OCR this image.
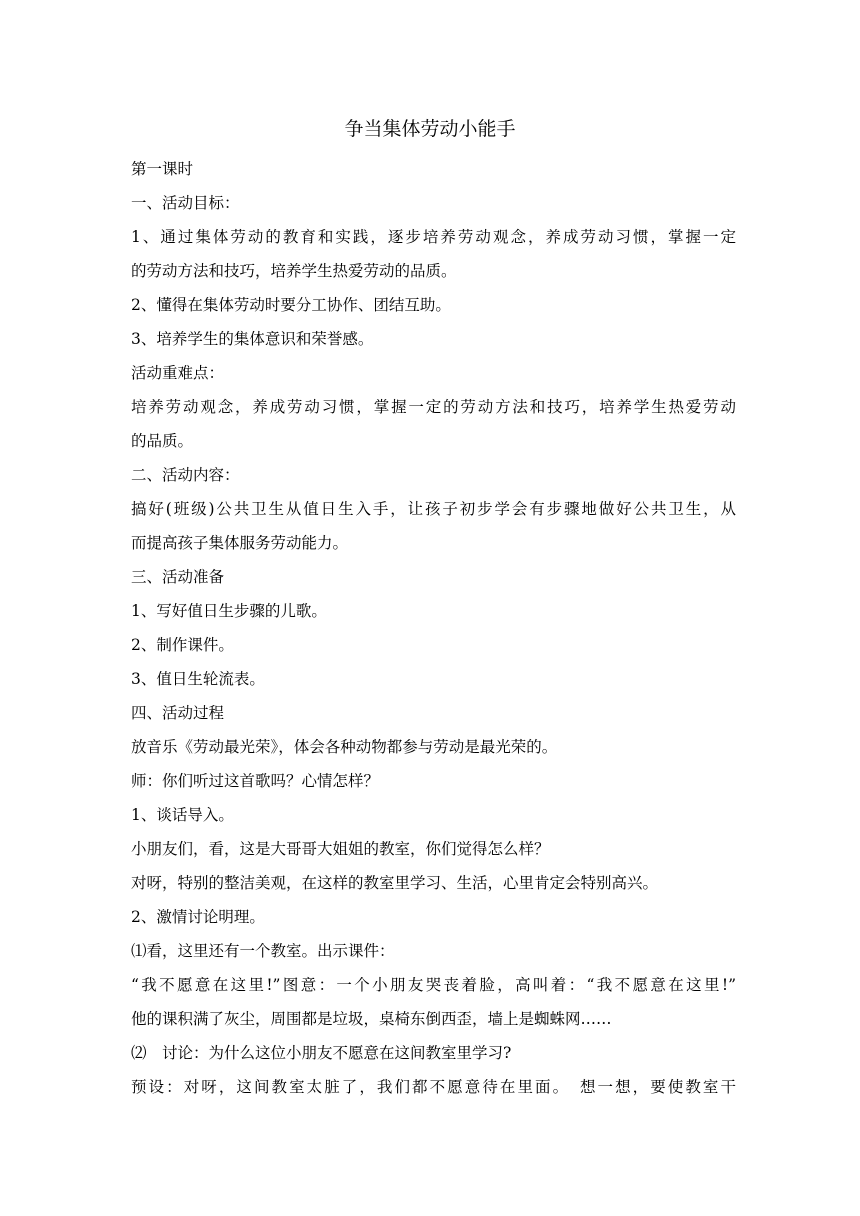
争当集体劳动小能手
第一课时
一、活动目标：
1、通过集体劳动的教育和实践，逐步培养劳动观念，养成劳动习惯，掌握一定
的劳动方法和技巧，培养学生热爱劳动的品质。
2、懂得在集体劳动时要分工协作、团结互助。
3、培养学生的集体意识和荣誉感。
活动重难点：
培养劳动观念，养成劳动习惯，掌握一定的劳动方法和技巧，培养学生热爱劳动
的品质。
二、活动内容：
搞好(班级)公共卫生从值日生入手，让孩子初步学会有步骤地做好公共卫生，从
而提高孩子集体服务劳动能力。
三、活动准备
1、写好值日生步骤的儿歌。
2、制作课件。
3、值日生轮流表。
四、活动过程
放音乐《劳动最光荣》，体会各种动物都参与劳动是最光荣的。
师：你们听过这首歌吗？心情怎样？
1、谈话导入。
小朋友们，看，这是大哥哥大姐姐的教室，你们觉得怎么样？
对呀，特别的整洁美观，在这样的教室里学习、生活，心里肯定会特别高兴。
2、激情讨论明理。
⑴看，这里还有一个教室。出示课件：
“我不愿意在这里!”图意：一个小朋友哭丧着脸，高叫着：“我不愿意在这里!”
他的课积满了灰尘，周围都是垃圾，桌椅东倒西歪，墙上是蜘蛛网……
⑵　讨论：为什么这位小朋友不愿意在这间教室里学习?
预设：对呀，这间教室太脏了，我们都不愿意待在里面。　想一想，要使教室干
